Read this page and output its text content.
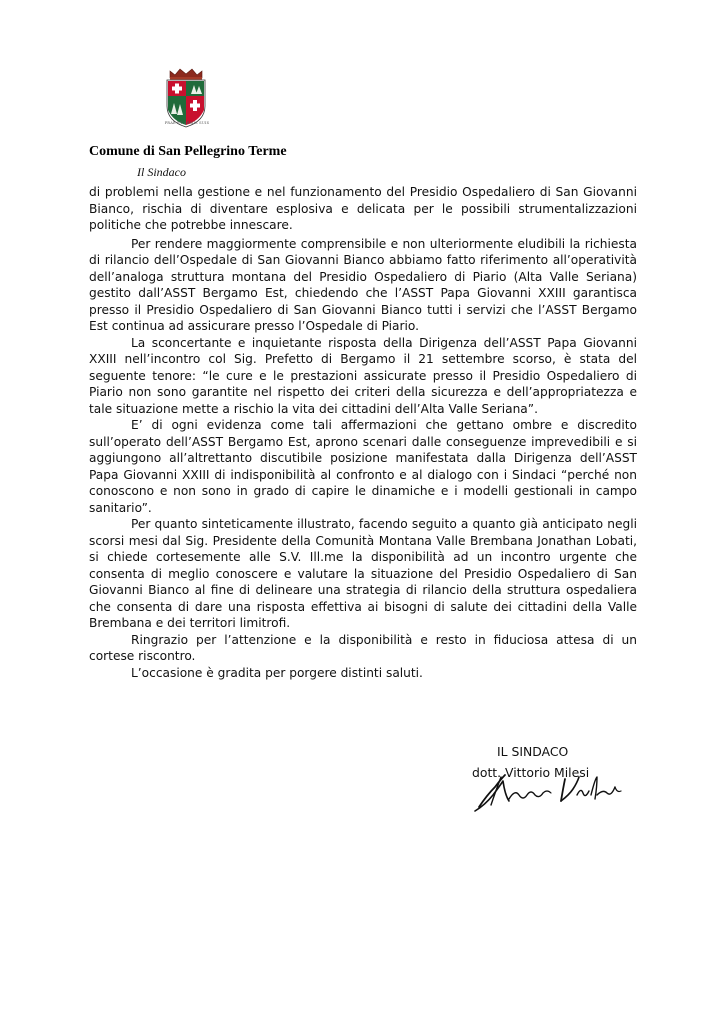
PRAE ET ARMIS SUIS
Comune di San Pellegrino Terme
Il Sindaco

di problemi nella gestione e nel funzionamento del Presidio Ospedaliero di San Giovanni Bianco, rischia di diventare esplosiva e delicata per le possibili strumentalizzazioni politiche che potrebbe innescare.

Per rendere maggiormente comprensibile e non ulteriormente eludibili la richiesta di rilancio dell’Ospedale di San Giovanni Bianco abbiamo fatto riferimento all’operatività dell’analoga struttura montana del Presidio Ospedaliero di Piario (Alta Valle Seriana) gestito dall’ASST Bergamo Est, chiedendo che l’ASST Papa Giovanni XXIII garantisca presso il Presidio Ospedaliero di San Giovanni Bianco tutti i servizi che l’ASST Bergamo Est continua ad assicurare presso l’Ospedale di Piario.

La sconcertante e inquietante risposta della Dirigenza dell’ASST Papa Giovanni XXIII nell’incontro col Sig. Prefetto di Bergamo il 21 settembre scorso, è stata del seguente tenore: “le cure e le prestazioni assicurate presso il Presidio Ospedaliero di Piario non sono garantite nel rispetto dei criteri della sicurezza e dell’appropriatezza e tale situazione mette a rischio la vita dei cittadini dell’Alta Valle Seriana”.

E’ di ogni evidenza come tali affermazioni che gettano ombre e discredito sull’operato dell’ASST Bergamo Est, aprono scenari dalle conseguenze imprevedibili e si aggiungono all’altrettanto discutibile posizione manifestata dalla Dirigenza dell’ASST Papa Giovanni XXIII di indisponibilità al confronto e al dialogo con i Sindaci “perché non conoscono e non sono in grado di capire le dinamiche e i modelli gestionali in campo sanitario”.

Per quanto sinteticamente illustrato, facendo seguito a quanto già anticipato negli scorsi mesi dal Sig. Presidente della Comunità Montana Valle Brembana Jonathan Lobati, si chiede cortesemente alle S.V. Ill.me la disponibilità ad un incontro urgente che consenta di meglio conoscere e valutare la situazione del Presidio Ospedaliero di San Giovanni Bianco al fine di delineare una strategia di rilancio della struttura ospedaliera che consenta di dare una risposta effettiva ai bisogni di salute dei cittadini della Valle Brembana e dei territori limitrofi.

Ringrazio per l’attenzione e la disponibilità e resto in fiduciosa attesa di un cortese riscontro.

L’occasione è gradita per porgere distinti saluti.

IL SINDACO
dott. Vittorio Milesi
